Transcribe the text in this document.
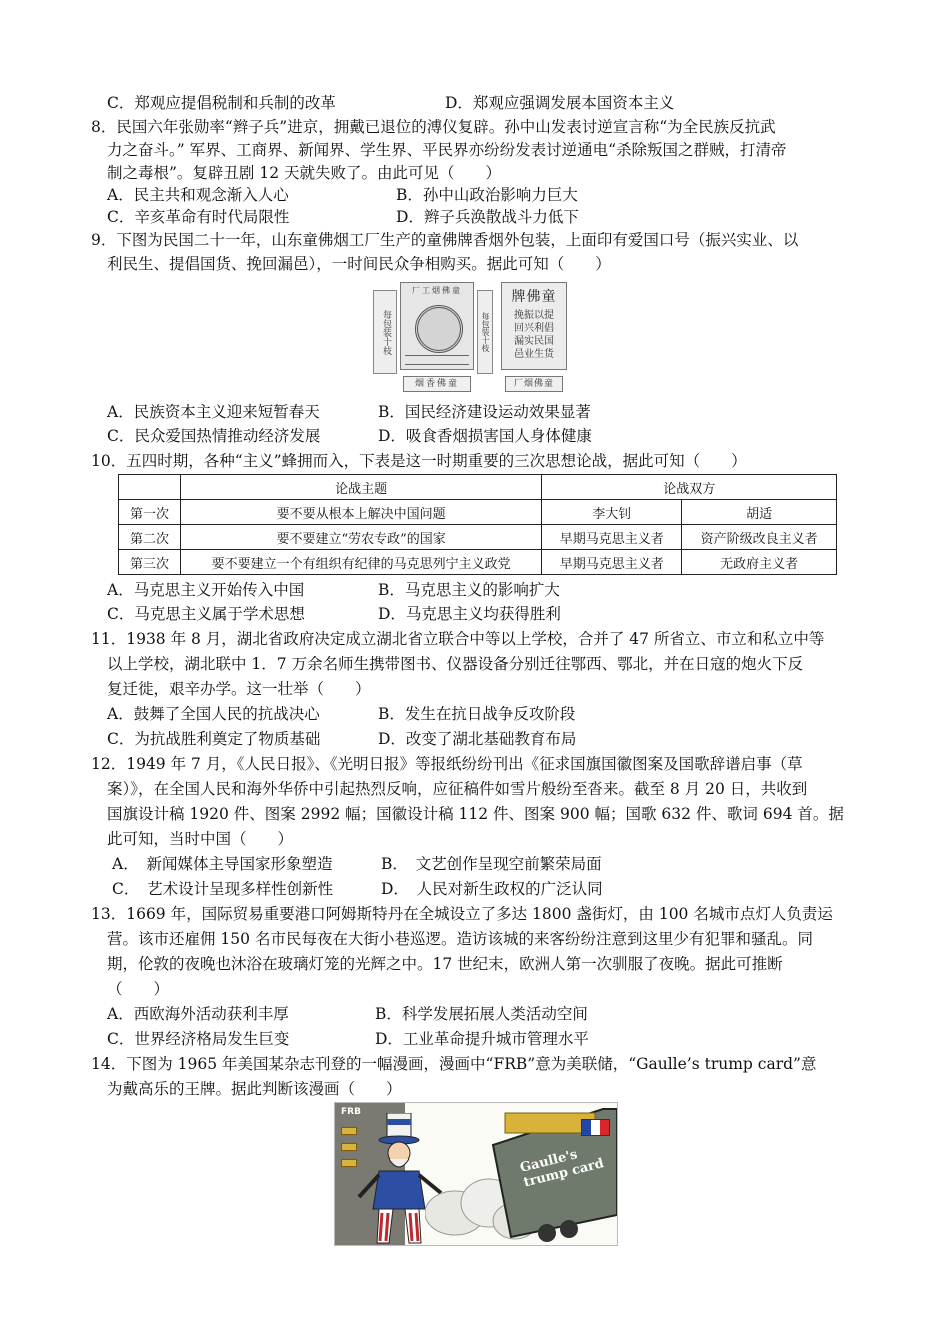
C．郑观应提倡税制和兵制的改革	D．郑观应强调发展本国资本主义
8．民国六年张勋率“辫子兵”进京，拥戴已退位的溥仪复辟。孙中山发表讨逆宣言称“为全民族反抗武
力之奋斗。” 军界、工商界、新闻界、学生界、平民界亦纷纷发表讨逆通电“杀除叛国之群贼，打清帝
制之毒根”。复辟丑剧 12 天就失败了。由此可见（　　）
A．民主共和观念渐入人心	B．孙中山政治影响力巨大
C．辛亥革命有时代局限性	D．辫子兵涣散战斗力低下
9．下图为民国二十一年，山东童佛烟工厂生产的童佛牌香烟外包装，上面印有爱国口号（振兴实业、以
利民生、提倡国货、挽回漏邑），一时间民众争相购买。据此可知（　　）
每包装十枝
厂工烟佛童
每包装十枝
牌佛童
挽振以提
回兴利倡
漏实民国
邑业生货
烟香佛童	厂烟佛童
A．民族资本主义迎来短暂春天	B．国民经济建设运动效果显著
C．民众爱国热情推动经济发展	D．吸食香烟损害国人身体健康
10．五四时期，各种“主义”蜂拥而入，下表是这一时期重要的三次思想论战，据此可知（　　）
	论战主题	论战双方	
第一次	要不要从根本上解决中国问题	李大钊	胡适
第二次	要不要建立“劳农专政”的国家	早期马克思主义者	资产阶级改良主义者
第三次	要不要建立一个有组织有纪律的马克思列宁主义政党	早期马克思主义者	无政府主义者
A．马克思主义开始传入中国	B．马克思主义的影响扩大
C．马克思主义属于学术思想	D．马克思主义均获得胜利
11．1938 年 8 月，湖北省政府决定成立湖北省立联合中等以上学校，合并了 47 所省立、市立和私立中等
以上学校，湖北联中 1．7 万余名师生携带图书、仪器设备分别迁往鄂西、鄂北，并在日寇的炮火下反
复迁徙，艰辛办学。这一壮举（　　）
A．鼓舞了全国人民的抗战决心	B．发生在抗日战争反攻阶段
C．为抗战胜利奠定了物质基础	D．改变了湖北基础教育布局
12．1949 年 7 月，《人民日报》、《光明日报》等报纸纷纷刊出《征求国旗国徽图案及国歌辞谱启事（草
案）》，在全国人民和海外华侨中引起热烈反响，应征稿件如雪片般纷至沓来。截至 8 月 20 日，共收到
国旗设计稿 1920 件、图案 2992 幅；国徽设计稿 112 件、图案 900 幅；国歌 632 件、歌词 694 首。据
此可知，当时中国（　　）
A．　新闻媒体主导国家形象塑造	B．　文艺创作呈现空前繁荣局面
C．　艺术设计呈现多样性创新性	D．　人民对新生政权的广泛认同
13．1669 年，国际贸易重要港口阿姆斯特丹在全城设立了多达 1800 盏街灯，由 100 名城市点灯人负责运
营。该市还雇佣 150 名市民每夜在大街小巷巡逻。造访该城的来客纷纷注意到这里少有犯罪和骚乱。同
期，伦敦的夜晚也沐浴在玻璃灯笼的光辉之中。17 世纪末，欧洲人第一次驯服了夜晚。据此可推断
（　　）
A．西欧海外活动获利丰厚	B．科学发展拓展人类活动空间
C．世界经济格局发生巨变	D．工业革命提升城市管理水平
14．下图为 1965 年美国某杂志刊登的一幅漫画，漫画中“FRB”意为美联储，“Gaulle’s trump card”意
为戴高乐的王牌。据此判断该漫画（　　）
FRB
Gaulle's
trump card
